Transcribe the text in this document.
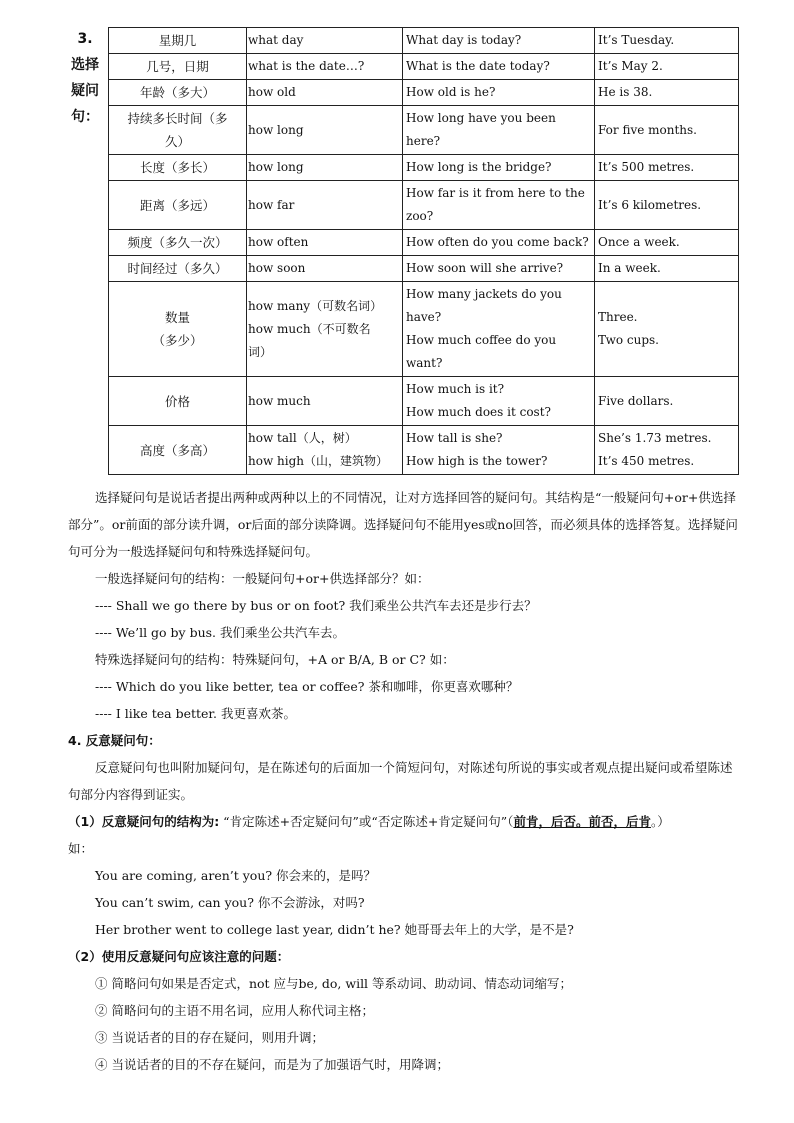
3.
选择
疑问
句：
星期几	what day	What day is today?	It’s Tuesday.

几号，日期	what is the date…?	What is the date today?	It’s May 2.

年龄（多大）	how old	How old is he?	He is 38.

持续多长时间（多
久）	how long	How long have you been here?	For five months.

长度（多长）	how long	How long is the bridge?	It’s 500 metres.

距离（多远）	how far	How far is it from here to the
zoo?	It’s 6 kilometres.

频度（多久一次）	how often	How often do you come back?	Once a week.

时间经过（多久）	how soon	How soon will she arrive?	In a week.

数量
（多少）	how many（可数名词）
how much（不可数名
词）	How many jackets do you have?
How much coffee do you want?	Three.
Two cups.

价格	how much	How much is it?
How much does it cost?	Five dollars.

高度（多高）	how tall（人，树）
how high（山，建筑物）	How tall is she?
How high is the tower?	She’s 1.73 metres.
It’s 450 metres.

选择疑问句是说话者提出两种或两种以上的不同情况，让对方选择回答的疑问句。其结构是“一般疑问句+or+供选择部分”。or前面的部分读升调，or后面的部分读降调。选择疑问句不能用yes或no回答，而必须具体的选择答复。选择疑问句可分为一般选择疑问句和特殊选择疑问句。

一般选择疑问句的结构：一般疑问句+or+供选择部分？如：

---- Shall we go there by bus or on foot? 我们乘坐公共汽车去还是步行去？

---- We’ll go by bus. 我们乘坐公共汽车去。

特殊选择疑问句的结构：特殊疑问句，+A or B/A, B or C? 如：

---- Which do you like better, tea or coffee? 茶和咖啡，你更喜欢哪种？

---- I like tea better. 我更喜欢茶。

4. 反意疑问句：

反意疑问句也叫附加疑问句，是在陈述句的后面加一个简短问句，对陈述句所说的事实或者观点提出疑问或希望陈述句部分内容得到证实。

（1）反意疑问句的结构为: “肯定陈述+否定疑问句”或“否定陈述+肯定疑问句”（前肯，后否。前否，后肯。）

如：

You are coming, aren’t you? 你会来的，是吗？

You can’t swim, can you? 你不会游泳，对吗?

Her brother went to college last year, didn’t he? 她哥哥去年上的大学，是不是?

（2）使用反意疑问句应该注意的问题：

① 简略问句如果是否定式，not 应与be, do, will 等系动词、助动词、情态动词缩写；

② 简略问句的主语不用名词，应用人称代词主格；

③ 当说话者的目的存在疑问，则用升调；

④ 当说话者的目的不存在疑问，而是为了加强语气时，用降调；
